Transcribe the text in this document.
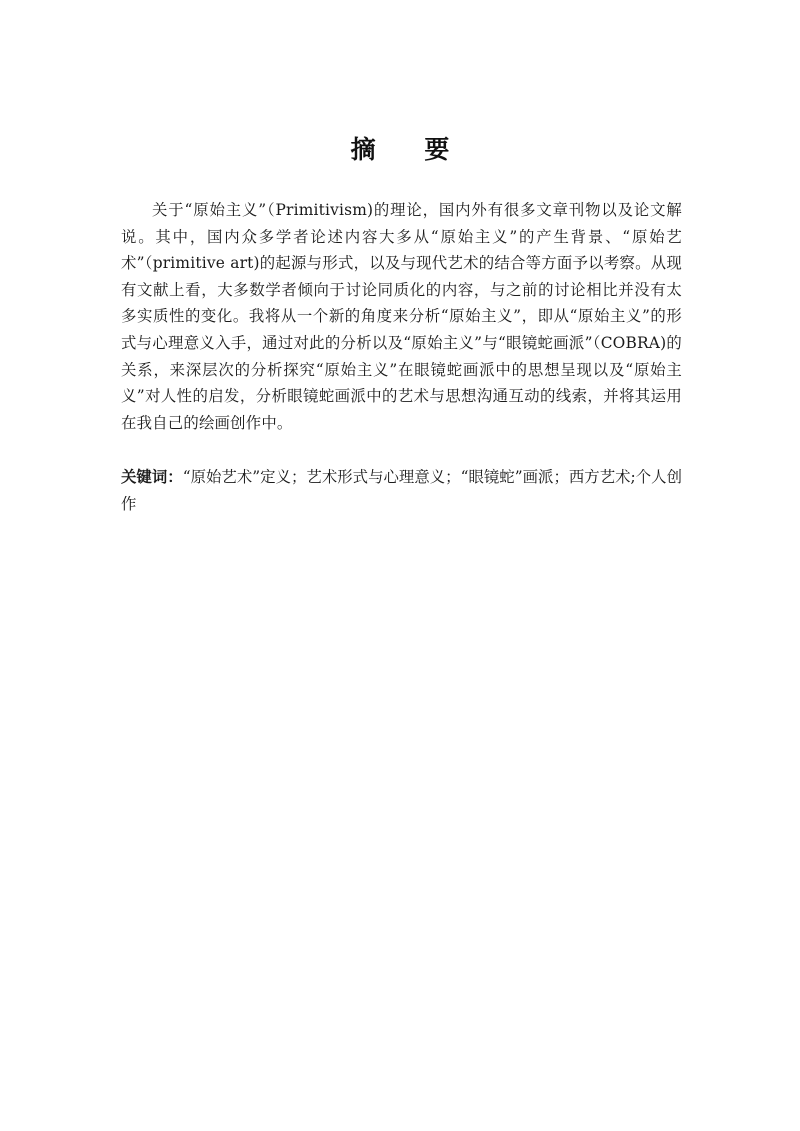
摘 要

关于“原始主义”（Primitivism)的理论，国内外有很多文章刊物以及论文解说。其中，国内众多学者论述内容大多从“原始主义”的产生背景、“原始艺术”（primitive art)的起源与形式，以及与现代艺术的结合等方面予以考察。从现有文献上看，大多数学者倾向于讨论同质化的内容，与之前的讨论相比并没有太多实质性的变化。我将从一个新的角度来分析“原始主义”，即从“原始主义”的形式与心理意义入手，通过对此的分析以及“原始主义”与“眼镜蛇画派”（COBRA)的关系，来深层次的分析探究“原始主义”在眼镜蛇画派中的思想呈现以及“原始主义”对人性的启发，分析眼镜蛇画派中的艺术与思想沟通互动的线索，并将其运用在我自己的绘画创作中。

关键词：“原始艺术”定义；艺术形式与心理意义；“眼镜蛇”画派；西方艺术;个人创作
